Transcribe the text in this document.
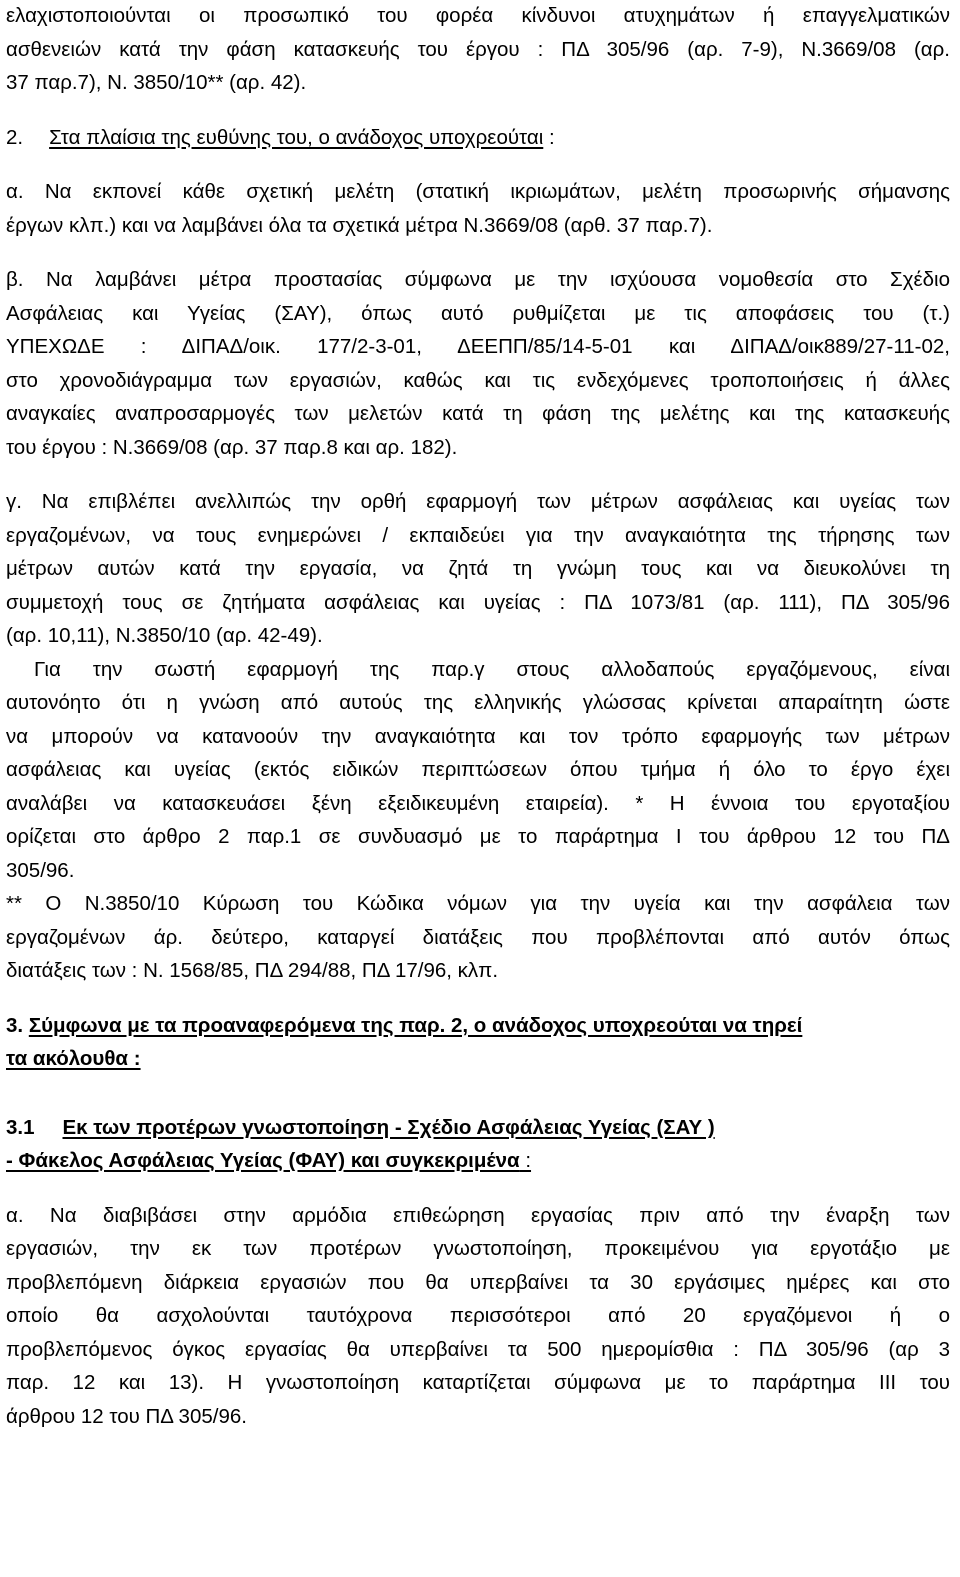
ελαχιστοποιούνται οι προσωπικό του φορέα κίνδυνοι ατυχημάτων ή επαγγελματικών
ασθενειών κατά την φάση κατασκευής του έργου : ΠΔ 305/96 (αρ. 7-9), Ν.3669/08 (αρ.
37 παρ.7), Ν. 3850/10** (αρ. 42).
2. Στα πλαίσια της ευθύνης του, ο ανάδοχος υποχρεούται :
α. Να εκπονεί κάθε σχετική μελέτη (στατική ικριωμάτων, μελέτη προσωρινής σήμανσης
έργων κλπ.) και να λαμβάνει όλα τα σχετικά μέτρα Ν.3669/08 (αρθ. 37 παρ.7).
β. Να λαμβάνει μέτρα προστασίας σύμφωνα με την ισχύουσα νομοθεσία στο Σχέδιο
Ασφάλειας και Υγείας (ΣΑΥ), όπως αυτό ρυθμίζεται με τις αποφάσεις του (τ.)
ΥΠΕΧΩΔΕ : ΔΙΠΑΔ/οικ. 177/2-3-01, ΔΕΕΠΠ/85/14-5-01 και ΔΙΠΑΔ/οικ889/27-11-02,
στο χρονοδιάγραμμα των εργασιών, καθώς και τις ενδεχόμενες τροποποιήσεις ή άλλες
αναγκαίες αναπροσαρμογές των μελετών κατά τη φάση της μελέτης και της κατασκευής
του έργου : Ν.3669/08 (αρ. 37 παρ.8 και αρ. 182).
γ. Να επιβλέπει ανελλιπώς την ορθή εφαρμογή των μέτρων ασφάλειας και υγείας των
εργαζομένων, να τους ενημερώνει / εκπαιδεύει για την αναγκαιότητα της τήρησης των
μέτρων αυτών κατά την εργασία, να ζητά τη γνώμη τους και να διευκολύνει τη
συμμετοχή τους σε ζητήματα ασφάλειας και υγείας : ΠΔ 1073/81 (αρ. 111), ΠΔ 305/96
(αρ. 10,11), Ν.3850/10 (αρ. 42-49).
Για την σωστή εφαρμογή της παρ.γ στους αλλοδαπούς εργαζόμενους, είναι
αυτονόητο ότι η γνώση από αυτούς της ελληνικής γλώσσας κρίνεται απαραίτητη ώστε
να μπορούν να κατανοούν την αναγκαιότητα και τον τρόπο εφαρμογής των μέτρων
ασφάλειας και υγείας (εκτός ειδικών περιπτώσεων όπου τμήμα ή όλο το έργο έχει
αναλάβει να κατασκευάσει ξένη εξειδικευμένη εταιρεία). * Η έννοια του εργοταξίου
ορίζεται στο άρθρο 2 παρ.1 σε συνδυασμό με το παράρτημα Ι του άρθρου 12 του ΠΔ
305/96.
** Ο Ν.3850/10 Κύρωση του Κώδικα νόμων για την υγεία και την ασφάλεια των
εργαζομένων άρ. δεύτερο, καταργεί διατάξεις που προβλέπονται από αυτόν όπως
διατάξεις των : Ν. 1568/85, ΠΔ 294/88, ΠΔ 17/96, κλπ.
3. Σύμφωνα με τα προαναφερόμενα της παρ. 2, ο ανάδοχος υποχρεούται να τηρεί
τα ακόλουθα :
3.1 Εκ των προτέρων γνωστοποίηση - Σχέδιο Ασφάλειας Υγείας (ΣΑΥ )
- Φάκελος Ασφάλειας Υγείας (ΦΑΥ) και συγκεκριμένα :
α. Να διαβιβάσει στην αρμόδια επιθεώρηση εργασίας πριν από την έναρξη των
εργασιών, την εκ των προτέρων γνωστοποίηση, προκειμένου για εργοτάξιο με
προβλεπόμενη διάρκεια εργασιών που θα υπερβαίνει τα 30 εργάσιμες ημέρες και στο
οποίο θα ασχολούνται ταυτόχρονα περισσότεροι από 20 εργαζόμενοι ή ο
προβλεπόμενος όγκος εργασίας θα υπερβαίνει τα 500 ημερομίσθια : ΠΔ 305/96 (αρ 3
παρ. 12 και 13). Η γνωστοποίηση καταρτίζεται σύμφωνα με το παράρτημα ΙΙΙ του
άρθρου 12 του ΠΔ 305/96.
